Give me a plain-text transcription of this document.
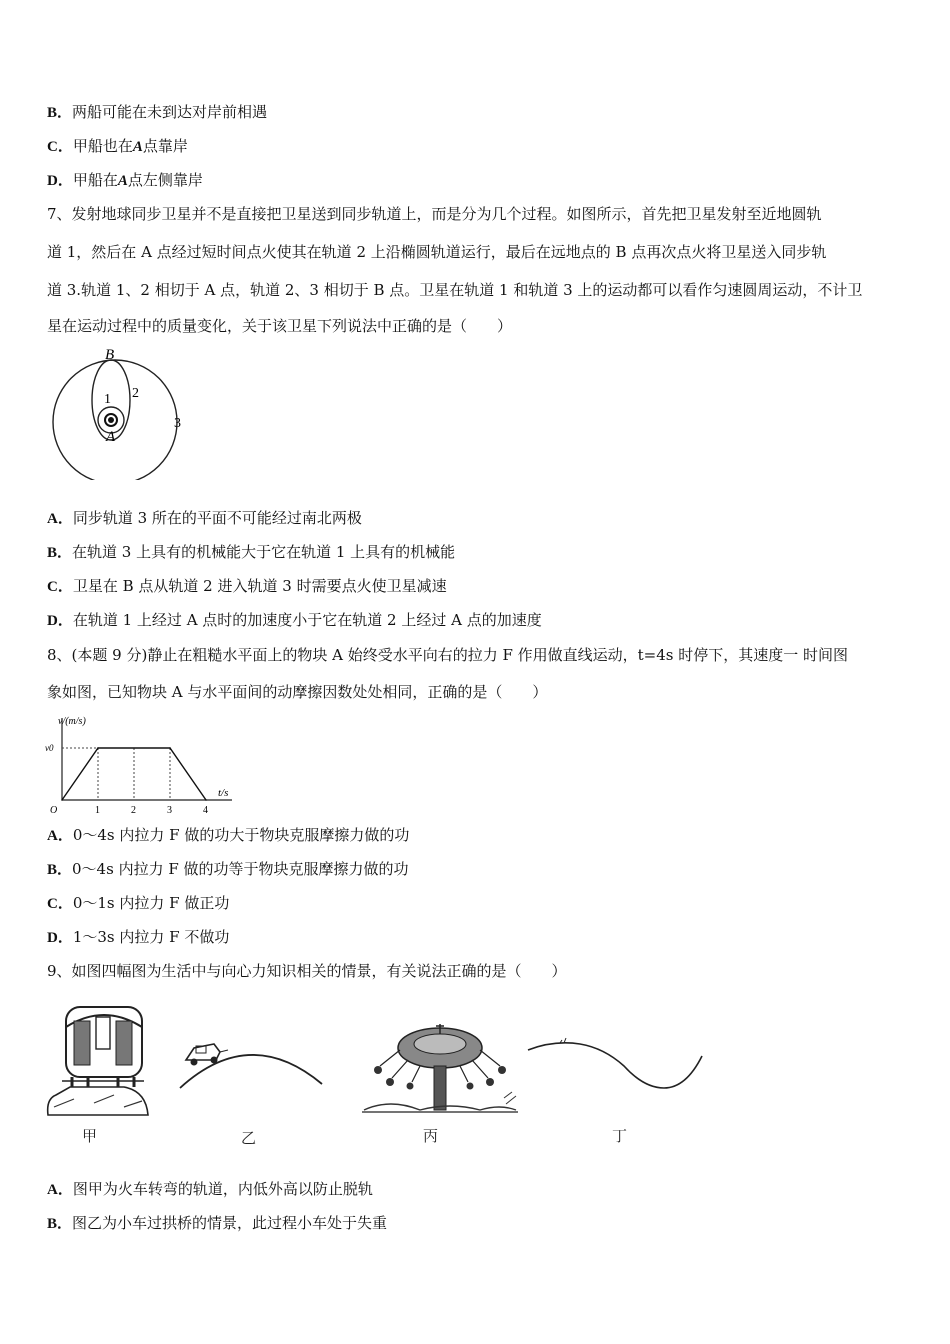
B．两船可能在未到达对岸前相遇
C．甲船也在A点靠岸
D．甲船在A点左侧靠岸
7、发射地球同步卫星并不是直接把卫星送到同步轨道上，而是分为几个过程。如图所示，首先把卫星发射至近地圆轨
道 1，然后在 A 点经过短时间点火使其在轨道 2 上沿椭圆轨道运行，最后在远地点的 B 点再次点火将卫星送入同步轨
道 3.轨道 1、2 相切于 A 点，轨道 2、3 相切于 B 点。卫星在轨道 1 和轨道 3 上的运动都可以看作匀速圆周运动，不计卫
星在运动过程中的质量变化，关于该卫星下列说法中正确的是（　　）
B
1 2
3
A
A．同步轨道 3 所在的平面不可能经过南北两极
B．在轨道 3 上具有的机械能大于它在轨道 1 上具有的机械能
C．卫星在 B 点从轨道 2 进入轨道 3 时需要点火使卫星减速
D．在轨道 1 上经过 A 点时的加速度小于它在轨道 2 上经过 A 点的加速度
8、(本题 9 分)静止在粗糙水平面上的物块 A 始终受水平向右的拉力 F 作用做直线运动，t=4s 时停下，其速度一 时间图
象如图，已知物块 A 与水平面间的动摩擦因数处处相同，正确的是（　　）
v/(m/s)
t/s
O	1	2	3	4
v0
A．0～4s 内拉力 F 做的功大于物块克服摩擦力做的功
B．0～4s 内拉力 F 做的功等于物块克服摩擦力做的功
C．0～1s 内拉力 F 做正功
D．1～3s 内拉力 F 不做功
9、如图四幅图为生活中与向心力知识相关的情景，有关说法正确的是（　　）
甲	乙	丙	丁
A．图甲为火车转弯的轨道，内低外高以防止脱轨
B．图乙为小车过拱桥的情景，此过程小车处于失重
